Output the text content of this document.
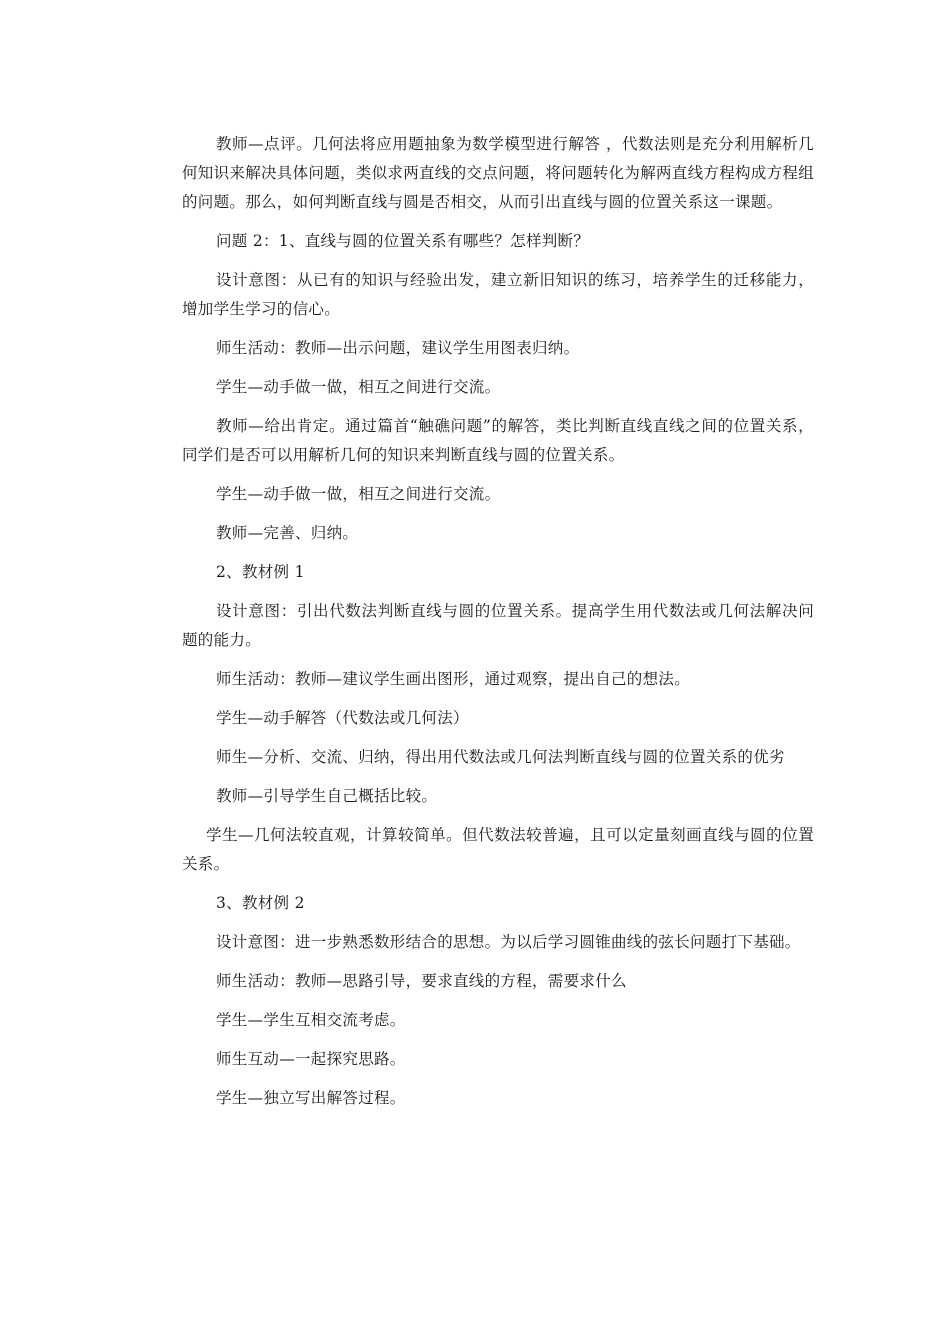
教师—点评。几何法将应用题抽象为数学模型进行解答 ，代数法则是充分利用解析几何知识来解决具体问题，类似求两直线的交点问题，将问题转化为解两直线方程构成方程组的问题。那么，如何判断直线与圆是否相交，从而引出直线与圆的位置关系这一课题。

问题 2：1、直线与圆的位置关系有哪些？怎样判断？

设计意图：从已有的知识与经验出发，建立新旧知识的练习，培养学生的迁移能力，增加学生学习的信心。

师生活动：教师—出示问题，建议学生用图表归纳。

学生—动手做一做，相互之间进行交流。

教师—给出肯定。通过篇首“触礁问题”的解答，类比判断直线直线之间的位置关系，同学们是否可以用解析几何的知识来判断直线与圆的位置关系。

学生—动手做一做，相互之间进行交流。

教师—完善、归纳。

2、教材例 1

设计意图：引出代数法判断直线与圆的位置关系。提高学生用代数法或几何法解决问题的能力。

师生活动：教师—建议学生画出图形，通过观察，提出自己的想法。

学生—动手解答（代数法或几何法）

师生—分析、交流、归纳，得出用代数法或几何法判断直线与圆的位置关系的优劣

教师—引导学生自己概括比较。

学生—几何法较直观，计算较简单。但代数法较普遍，且可以定量刻画直线与圆的位置关系。

3、教材例 2

设计意图：进一步熟悉数形结合的思想。为以后学习圆锥曲线的弦长问题打下基础。

师生活动：教师—思路引导，要求直线的方程，需要求什么

学生—学生互相交流考虑。

师生互动—一起探究思路。

学生—独立写出解答过程。
